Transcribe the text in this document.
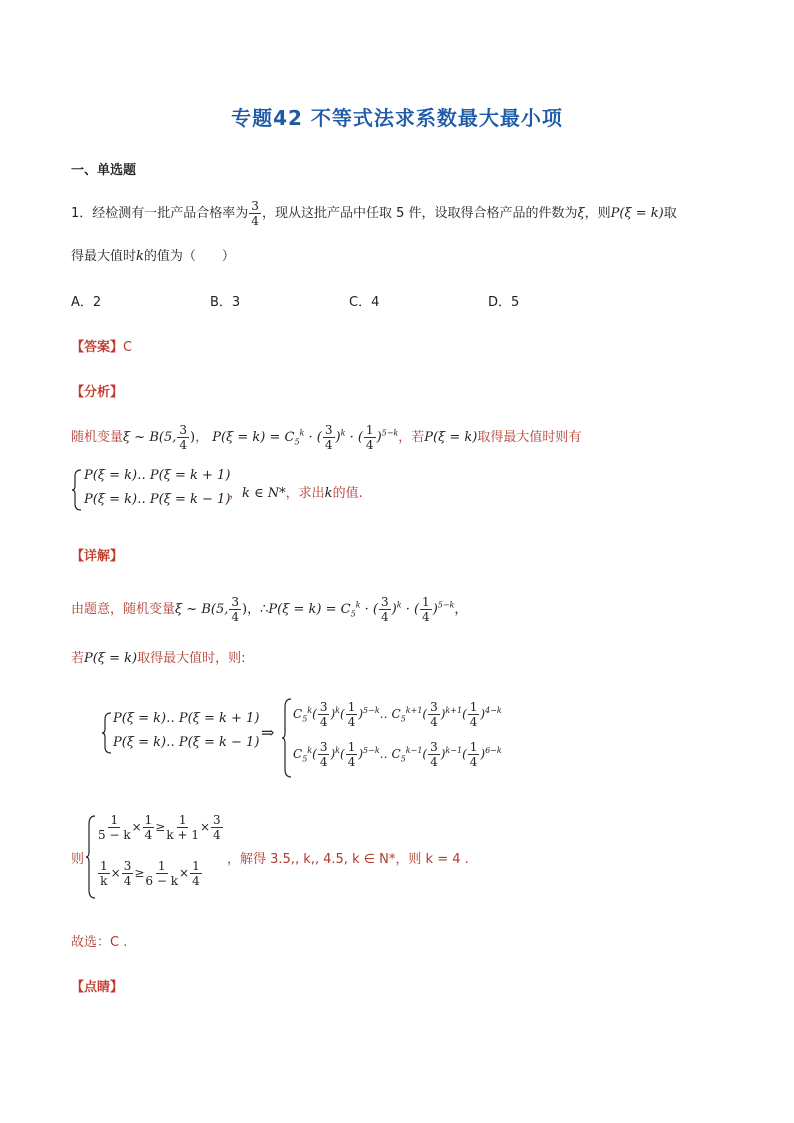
专题42 不等式法求系数最大最小项
一、单选题
1．经检测有一批产品合格率为 $\frac{3}{4}$ ，现从这批产品中任取 5 件，设取得合格产品的件数为ξ，则P(ξ = k)取
得最大值时k的值为（　　）
A．2	B．3	C．4	D．5
【答案】C
【分析】
随机变量ξ ~ B(5, $\frac{3}{4}$ )， $P(\xi = k) = C_5^k$ · ( $\frac{3}{4} )^k$ · ( $\frac{1}{4} )^{5-k}$，若P(ξ = k)取得最大值时则有
P(ξ = k)‥ P(ξ = k + 1)
P(ξ = k)‥ P(ξ = k − 1)
，k ∈ N*，求出k的值.
【详解】
由题意，随机变量ξ ~ B(5, $\frac{3}{4}$ )，∴P(ξ = $k) = C_5^k$ · ( $\frac{3}{4} )^k$ · ( $\frac{1}{4} )^{5-k}$，
若P(ξ = k)取得最大值时，则:
P(ξ = k)‥ P(ξ = k + 1)
P(ξ = k)‥ P(ξ = k − 1)
⇒
$C_5^k( \frac{3}{4} )^k( \frac{1}{4}$ )$^{5-k}‥$ $C_5^{k+1}( \frac{3}{4} )^{k+1}( \frac{1}{4} )^{4-k}$
$C_5^k( \frac{3}{4} )^k( \frac{1}{4}$ )$^{5-k}‥$ $C_5^{k-1}( \frac{3}{4} )^{k-1}( \frac{1}{4} )^{6-k}$
则
$\frac{1}{5 - k} \times \frac{1}{4} \ge \frac{1}{k + 1} \times \frac{3}{4}$
$\frac{1}{k} \times \frac{3}{4} \ge \frac{1}{6 - k} \times \frac{1}{4}$
，解得 3.5‚‚ k‚‚ 4.5, k ∈ N*，则 k = 4 .
故选：C .
【点睛】
